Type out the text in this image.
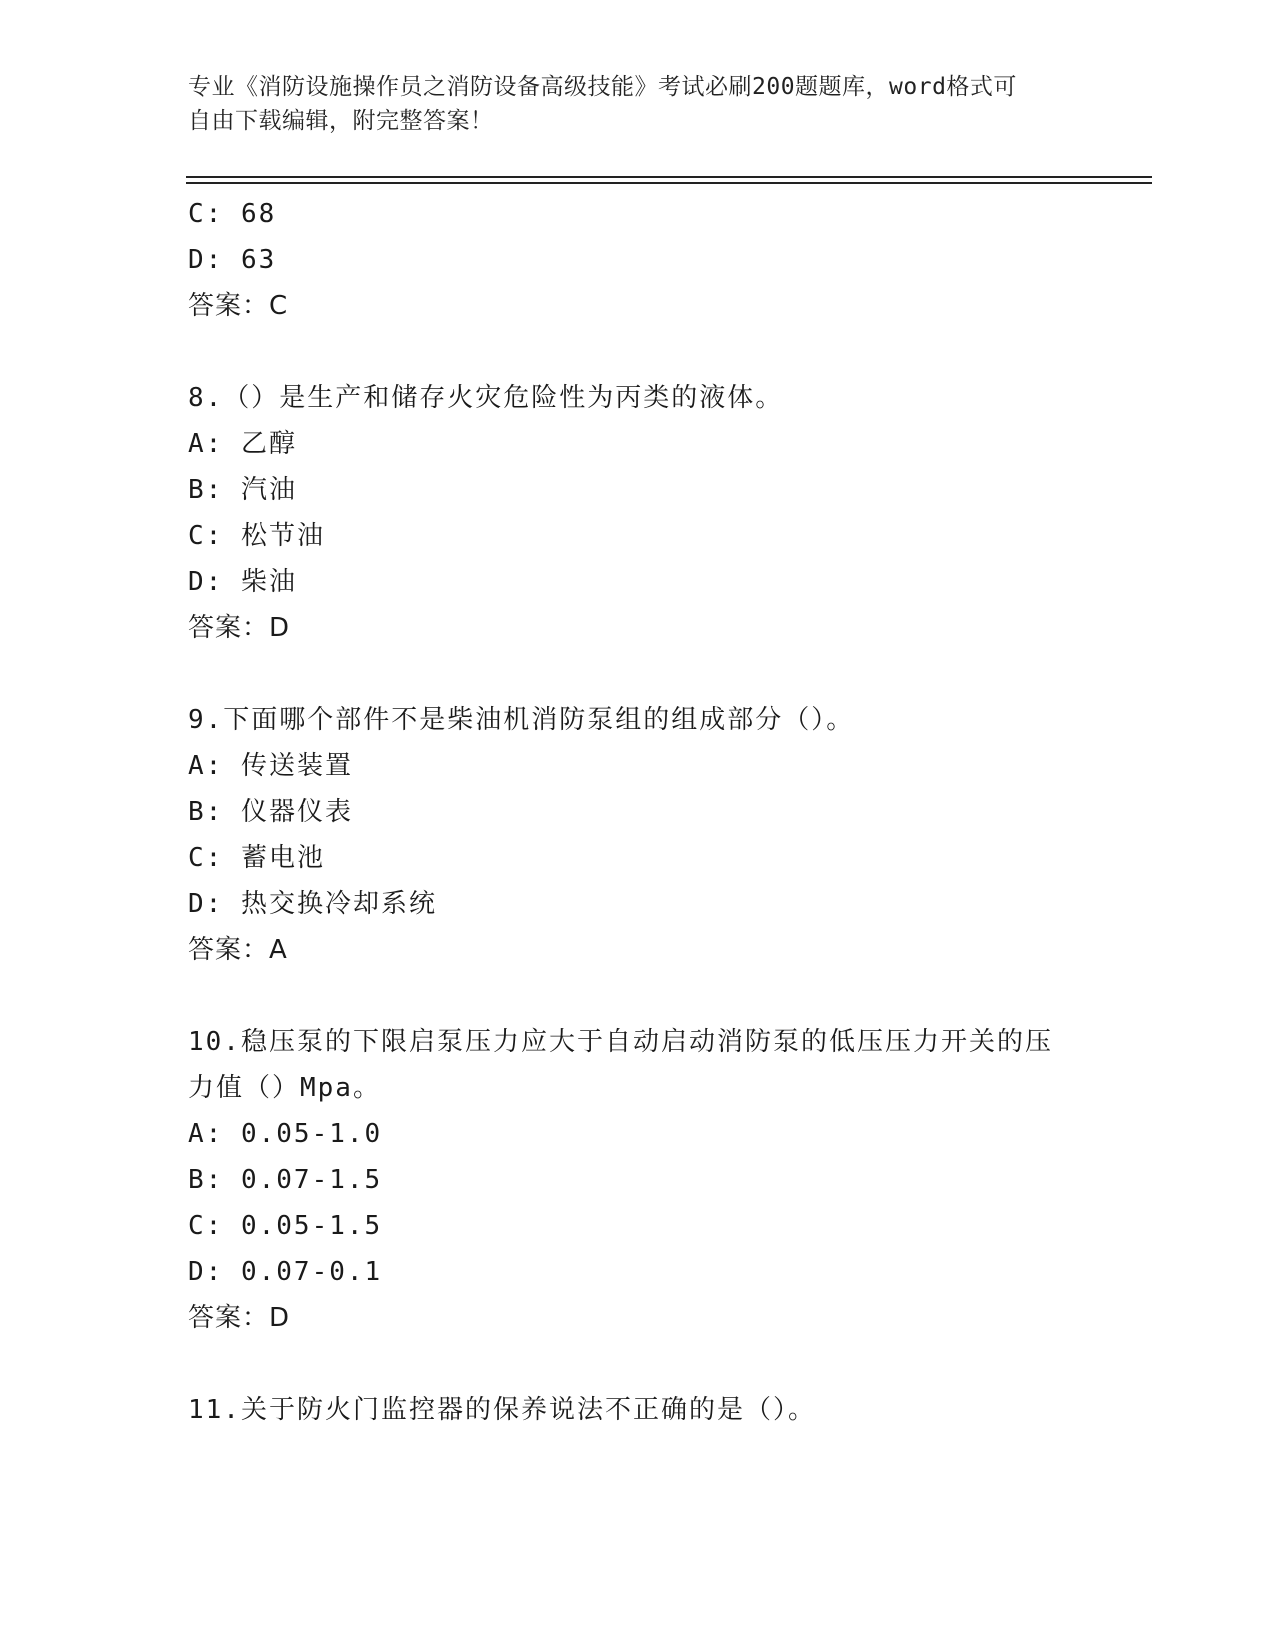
专业《消防设施操作员之消防设备高级技能》考试必刷200题题库，word格式可
自由下载编辑，附完整答案！
C: 68
D: 63
答案：C
8.（）是生产和储存火灾危险性为丙类的液体。
A: 乙醇
B: 汽油
C: 松节油
D: 柴油
答案：D
9.下面哪个部件不是柴油机消防泵组的组成部分（）。
A: 传送装置
B: 仪器仪表
C: 蓄电池
D: 热交换冷却系统
答案：A
10.稳压泵的下限启泵压力应大于自动启动消防泵的低压压力开关的压
力值（）Mpa。
A: 0.05-1.0
B: 0.07-1.5
C: 0.05-1.5
D: 0.07-0.1
答案：D
11.关于防火门监控器的保养说法不正确的是（）。
